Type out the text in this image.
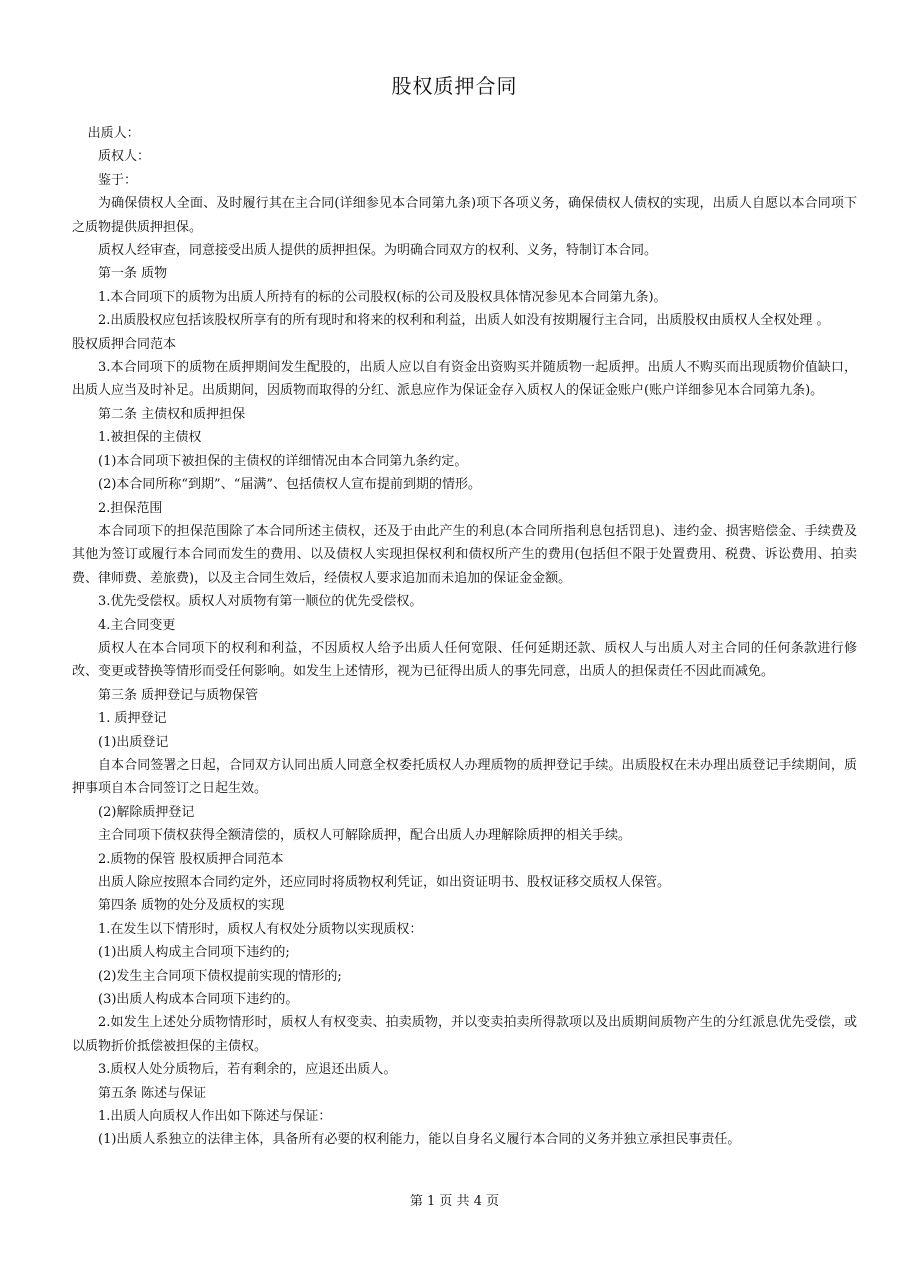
股权质押合同

出质人：

质权人：

鉴于：

为确保债权人全面、及时履行其在主合同(详细参见本合同第九条)项下各项义务，确保债权人债权的实现，出质人自愿以本合同项下之质物提供质押担保。

质权人经审查，同意接受出质人提供的质押担保。为明确合同双方的权利、义务，特制订本合同。

第一条 质物

1.本合同项下的质物为出质人所持有的标的公司股权(标的公司及股权具体情况参见本合同第九条)。

2.出质股权应包括该股权所享有的所有现时和将来的权利和利益，出质人如没有按期履行主合同，出质股权由质权人全权处理 。

股权质押合同范本

3.本合同项下的质物在质押期间发生配股的，出质人应以自有资金出资购买并随质物一起质押。出质人不购买而出现质物价值缺口，出质人应当及时补足。出质期间，因质物而取得的分红、派息应作为保证金存入质权人的保证金账户(账户详细参见本合同第九条)。

第二条 主债权和质押担保

1.被担保的主债权

(1)本合同项下被担保的主债权的详细情况由本合同第九条约定。

(2)本合同所称“到期”、“届满”、包括债权人宣布提前到期的情形。

2.担保范围

本合同项下的担保范围除了本合同所述主债权，还及于由此产生的利息(本合同所指利息包括罚息)、违约金、损害赔偿金、手续费及其他为签订或履行本合同而发生的费用、以及债权人实现担保权利和债权所产生的费用(包括但不限于处置费用、税费、诉讼费用、拍卖费、律师费、差旅费)，以及主合同生效后，经债权人要求追加而未追加的保证金金额。

3.优先受偿权。质权人对质物有第一顺位的优先受偿权。

4.主合同变更

质权人在本合同项下的权利和利益，不因质权人给予出质人任何宽限、任何延期还款、质权人与出质人对主合同的任何条款进行修改、变更或替换等情形而受任何影响。如发生上述情形，视为已征得出质人的事先同意，出质人的担保责任不因此而减免。

第三条 质押登记与质物保管

1. 质押登记

(1)出质登记

自本合同签署之日起，合同双方认同出质人同意全权委托质权人办理质物的质押登记手续。出质股权在未办理出质登记手续期间，质押事项自本合同签订之日起生效。

(2)解除质押登记

主合同项下债权获得全额清偿的，质权人可解除质押，配合出质人办理解除质押的相关手续。

2.质物的保管 股权质押合同范本

出质人除应按照本合同约定外，还应同时将质物权利凭证，如出资证明书、股权证移交质权人保管。

第四条 质物的处分及质权的实现

1.在发生以下情形时，质权人有权处分质物以实现质权：

(1)出质人构成主合同项下违约的;

(2)发生主合同项下债权提前实现的情形的;

(3)出质人构成本合同项下违约的。

2.如发生上述处分质物情形时，质权人有权变卖、拍卖质物，并以变卖拍卖所得款项以及出质期间质物产生的分红派息优先受偿，或以质物折价抵偿被担保的主债权。

3.质权人处分质物后，若有剩余的，应退还出质人。

第五条 陈述与保证

1.出质人向质权人作出如下陈述与保证：

(1)出质人系独立的法律主体，具备所有必要的权利能力，能以自身名义履行本合同的义务并独立承担民事责任。

第 1 页 共 4 页
